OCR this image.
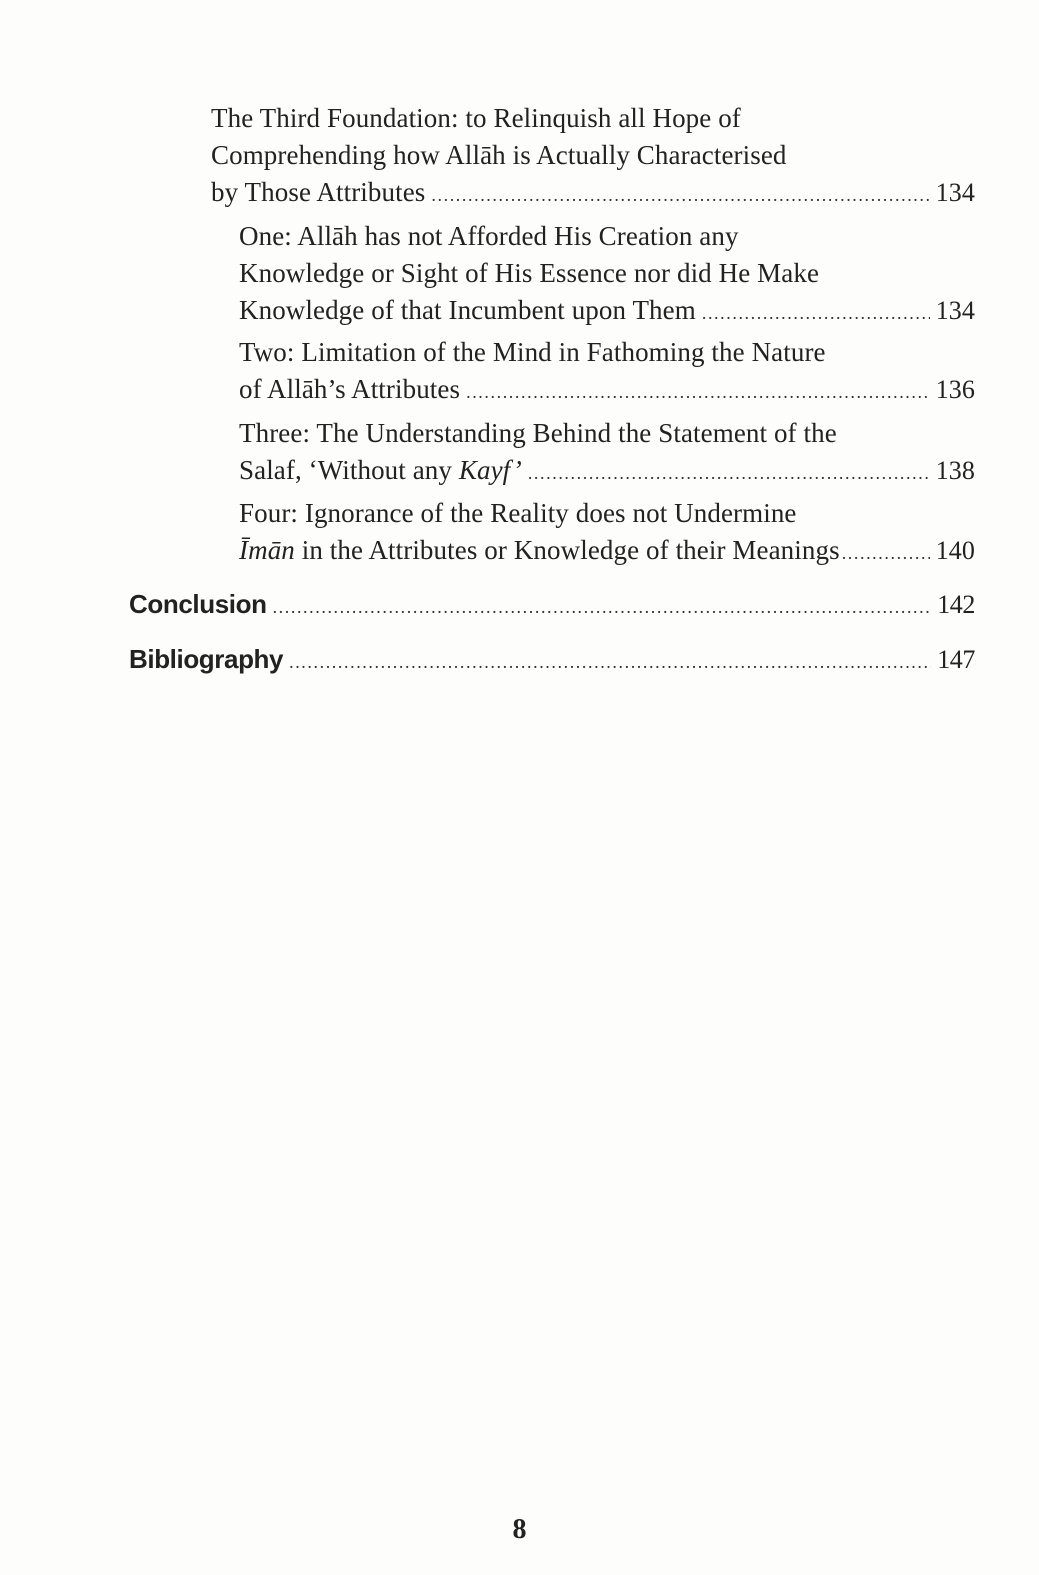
The Third Foundation: to Relinquish all Hope of
Comprehending how Allāh is Actually Characterised
by Those Attributes .....	134
One: Allāh has not Afforded His Creation any
Knowledge or Sight of His Essence nor did He Make
Knowledge of that Incumbent upon Them .....	134
Two: Limitation of the Mind in Fathoming the Nature
of Allāh’s Attributes .....	136
Three: The Understanding Behind the Statement of the
Salaf, ‘Without any Kayf’ .....	138
Four: Ignorance of the Reality does not Undermine
Īmān in the Attributes or Knowledge of their Meanings .....	140
Conclusion .....	142
Bibliography .....	147
8
